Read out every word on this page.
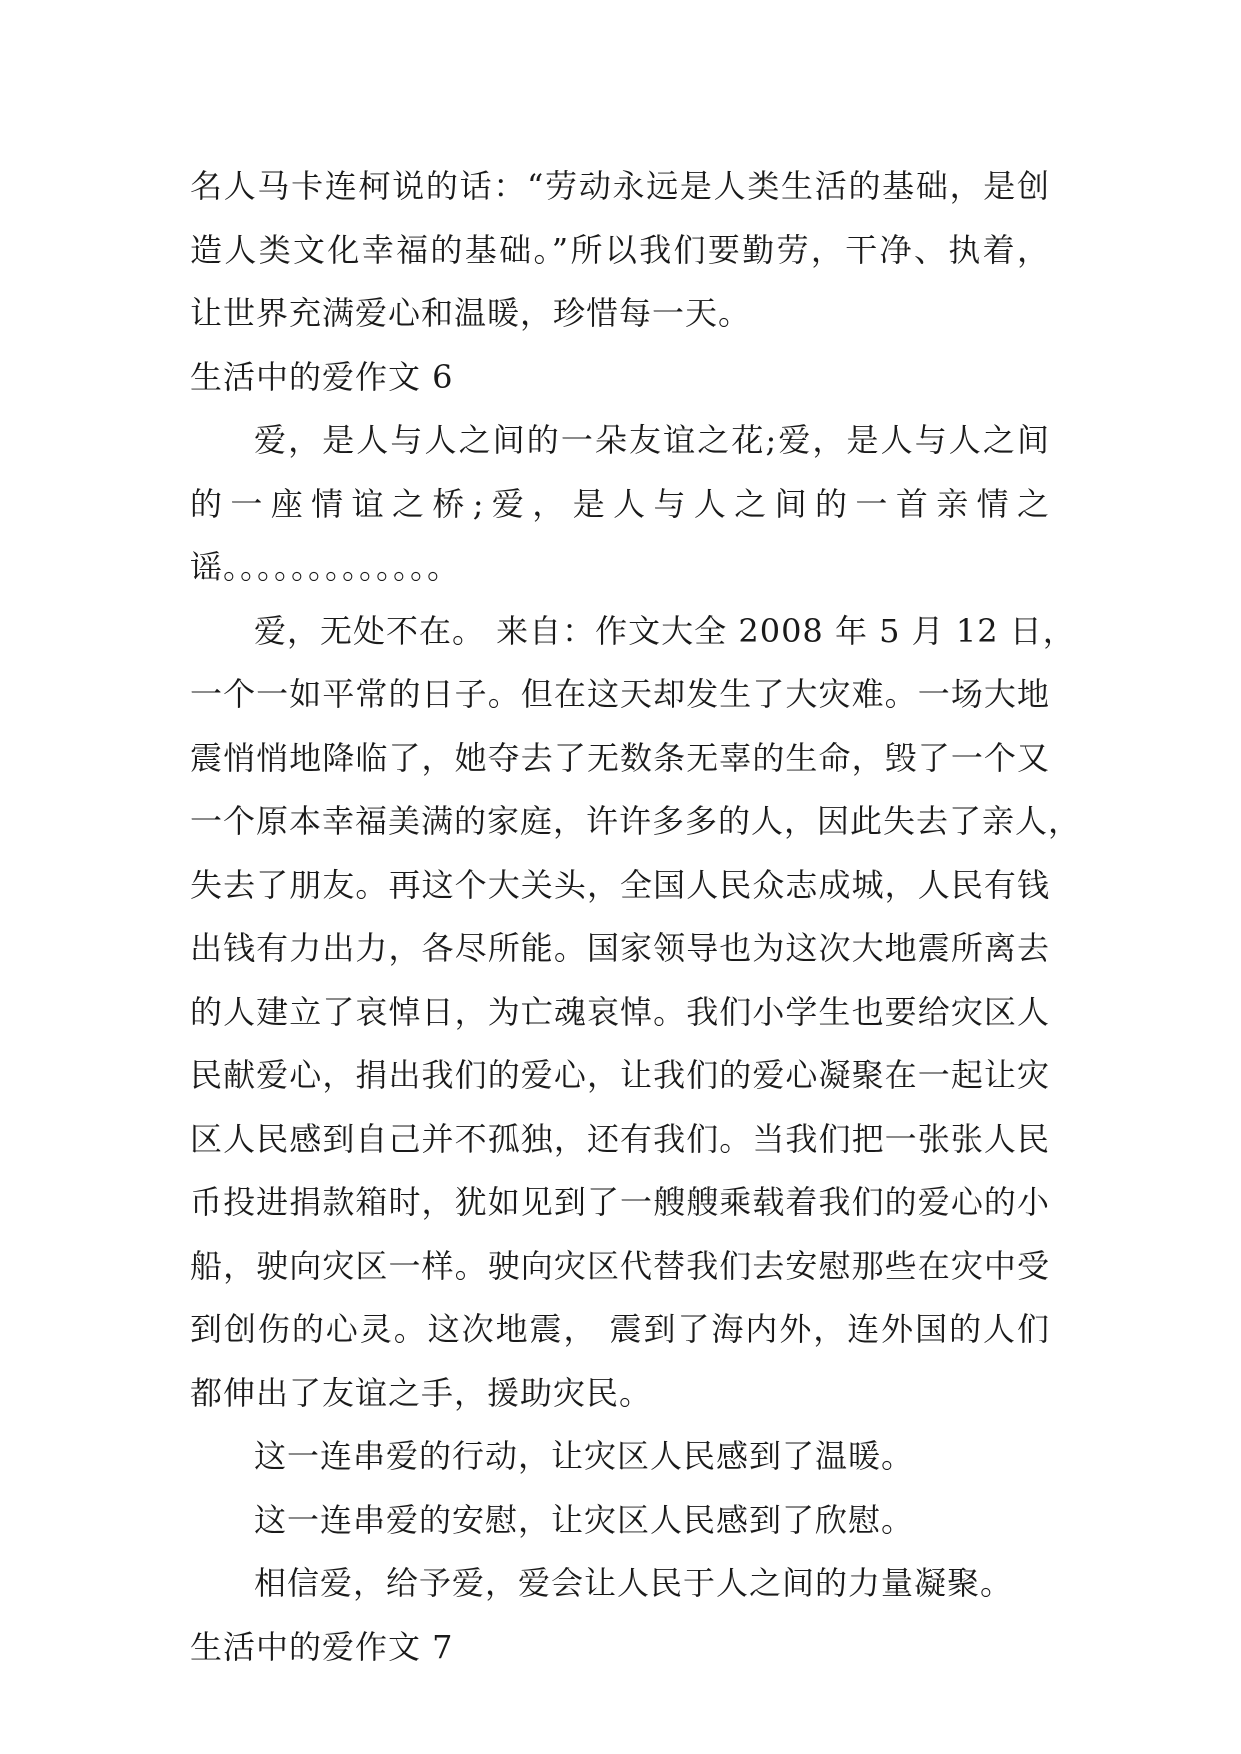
名人马卡连柯说的话：“劳动永远是人类生活的基础，是创
造人类文化幸福的基础。”所以我们要勤劳，干净、执着，
让世界充满爱心和温暖，珍惜每一天。
生活中的爱作文 6
爱，是人与人之间的一朵友谊之花;爱，是人与人之间
的一座情谊之桥;爱，是人与人之间的一首亲情之
谣。。。。。。。。。。。。。
爱，无处不在。 来自：作文大全 2008 年 5 月 12 日，
一个一如平常的日子。但在这天却发生了大灾难。一场大地
震悄悄地降临了，她夺去了无数条无辜的生命，毁了一个又
一个原本幸福美满的家庭，许许多多的人，因此失去了亲人，
失去了朋友。再这个大关头，全国人民众志成城，人民有钱
出钱有力出力，各尽所能。国家领导也为这次大地震所离去
的人建立了哀悼日，为亡魂哀悼。我们小学生也要给灾区人
民献爱心，捐出我们的爱心，让我们的爱心凝聚在一起让灾
区人民感到自己并不孤独，还有我们。当我们把一张张人民
币投进捐款箱时，犹如见到了一艘艘乘载着我们的爱心的小
船，驶向灾区一样。驶向灾区代替我们去安慰那些在灾中受
到创伤的心灵。这次地震， 震到了海内外，连外国的人们
都伸出了友谊之手，援助灾民。
这一连串爱的行动，让灾区人民感到了温暖。
这一连串爱的安慰，让灾区人民感到了欣慰。
相信爱，给予爱，爱会让人民于人之间的力量凝聚。
生活中的爱作文 7
